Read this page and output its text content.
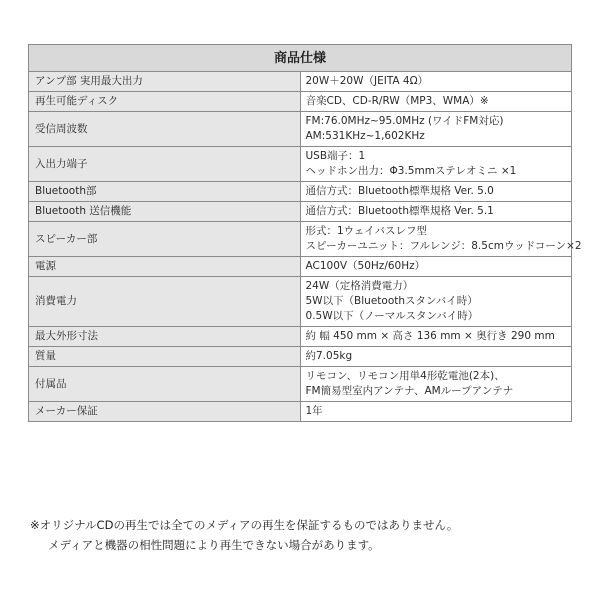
商品仕様	
アンプ部 実用最大出力	20W＋20W（JEITA 4Ω）

再生可能ディスク	音楽CD、CD‐R/RW（MP3、WMA）※

受信周波数	FM:76.0MHz~95.0MHz (ワイドFM対応)
AM:531KHz~1,602KHz

入出力端子	USB端子：1
ヘッドホン出力：Φ3.5mmステレオミニ ×1

Bluetooth部	通信方式：Bluetooth標準規格 Ver. 5.0

Bluetooth 送信機能	通信方式：Bluetooth標準規格 Ver. 5.1

スピーカー部	形式：1ウェイバスレフ型
スピーカーユニット：フルレンジ：8.5cmウッドコーン×2

電源	AC100V（50Hz/60Hz）

消費電力	24W（定格消費電力）
5W以下（Bluetoothスタンバイ時）
0.5W以下（ノーマルスタンバイ時）

最大外形寸法	約 幅 450 mm × 高さ 136 mm × 奥行き 290 mm

質量	約7.05kg

付属品	リモコン、リモコン用単4形乾電池(2本)、
FM簡易型室内アンテナ、AMループアンテナ

メーカー保証	1年
※オリジナルCDの再生では全てのメディアの再生を保証するものではありません。
メディアと機器の相性問題により再生できない場合があります。
